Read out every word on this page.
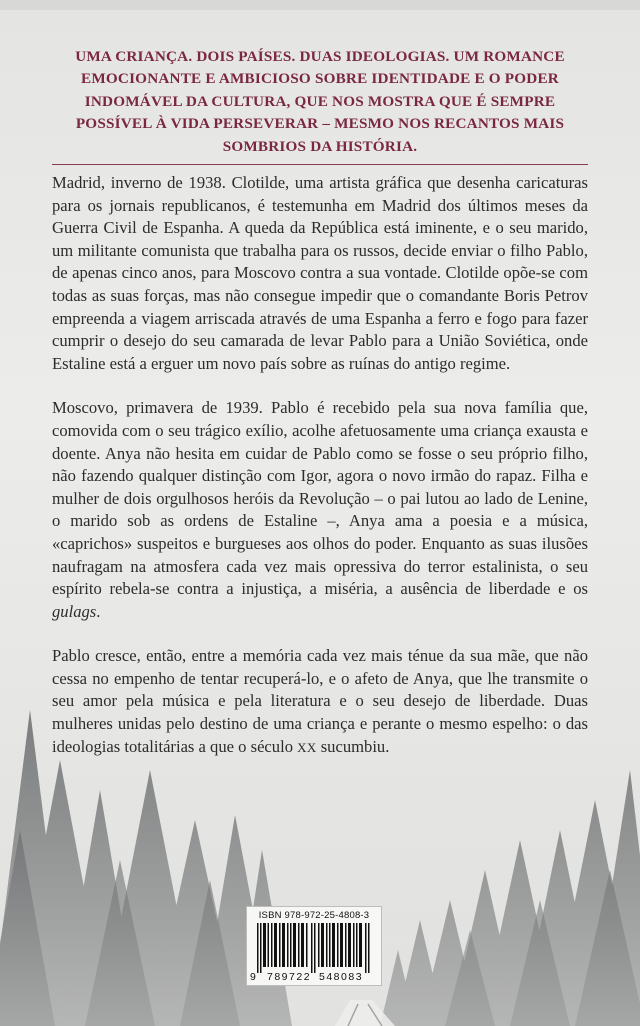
UMA CRIANÇA. DOIS PAÍSES. DUAS IDEOLOGIAS. UM ROMANCE EMOCIONANTE E AMBICIOSO SOBRE IDENTIDADE E O PODER INDOMÁVEL DA CULTURA, QUE NOS MOSTRA QUE É SEMPRE POSSÍVEL À VIDA PERSEVERAR – MESMO NOS RECANTOS MAIS SOMBRIOS DA HISTÓRIA.

Madrid, inverno de 1938. Clotilde, uma artista gráfica que desenha caricaturas para os jornais republicanos, é testemunha em Madrid dos últimos meses da Guerra Civil de Espanha. A queda da República está iminente, e o seu marido, um militante comunista que trabalha para os russos, decide enviar o filho Pablo, de apenas cinco anos, para Moscovo contra a sua vontade. Clotilde opõe-se com todas as suas forças, mas não consegue impedir que o comandante Boris Petrov empreenda a viagem arriscada através de uma Espanha a ferro e fogo para fazer cumprir o desejo do seu camarada de levar Pablo para a União Soviética, onde Estaline está a erguer um novo país sobre as ruínas do antigo regime.

Moscovo, primavera de 1939. Pablo é recebido pela sua nova família que, comovida com o seu trágico exílio, acolhe afetuosamente uma criança exausta e doente. Anya não hesita em cuidar de Pablo como se fosse o seu próprio filho, não fazendo qualquer distinção com Igor, agora o novo irmão do rapaz. Filha e mulher de dois orgulhosos heróis da Revolução – o pai lutou ao lado de Lenine, o marido sob as ordens de Estaline –, Anya ama a poesia e a música, «caprichos» suspeitos e burgueses aos olhos do poder. Enquanto as suas ilusões naufragam na atmosfera cada vez mais opressiva do terror estalinista, o seu espírito rebela-se contra a injustiça, a miséria, a ausência de liberdade e os gulags.

Pablo cresce, então, entre a memória cada vez mais ténue da sua mãe, que não cessa no empenho de tentar recuperá-lo, e o afeto de Anya, que lhe transmite o seu amor pela música e pela literatura e o seu desejo de liberdade. Duas mulheres unidas pelo destino de uma criança e perante o mesmo espelho: o das ideologias totalitárias a que o século XX sucumbiu.

ISBN 978-972-25-4808-3
9 789722 548083
